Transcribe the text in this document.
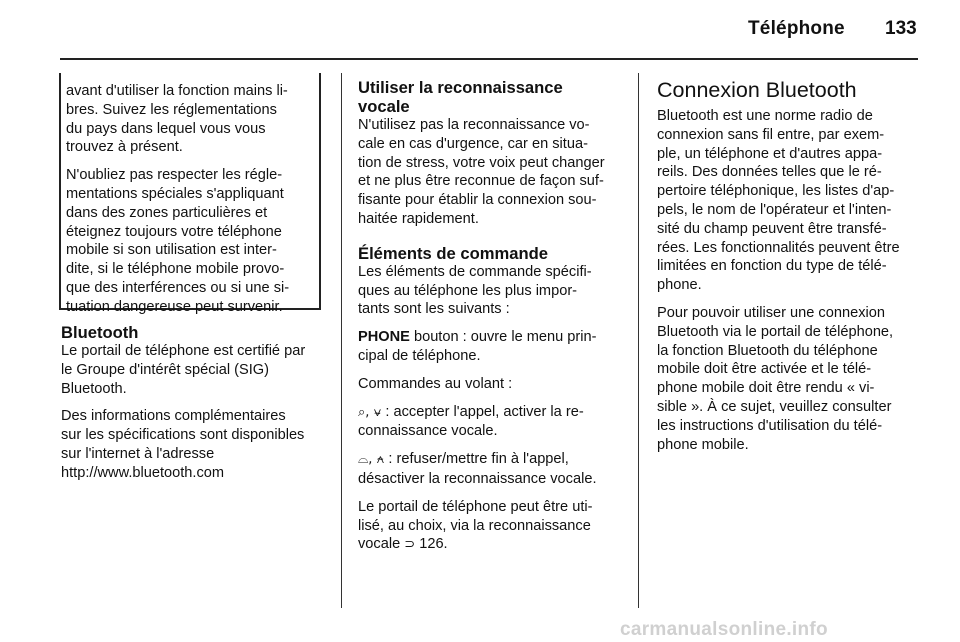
Téléphone 133

avant d'utiliser la fonction mains li-
bres. Suivez les réglementations
du pays dans lequel vous vous
trouvez à présent.

N'oubliez pas respecter les régle-
mentations spéciales s'appliquant
dans des zones particulières et
éteignez toujours votre téléphone
mobile si son utilisation est inter-
dite, si le téléphone mobile provo-
que des interférences ou si une si-
tuation dangereuse peut survenir.

Bluetooth

Le portail de téléphone est certifié par
le Groupe d'intérêt spécial (SIG)
Bluetooth.

Des informations complémentaires
sur les spécifications sont disponibles
sur l'internet à l'adresse
http://www.bluetooth.com

Utiliser la reconnaissance
vocale

N'utilisez pas la reconnaissance vo-
cale en cas d'urgence, car en situa-
tion de stress, votre voix peut changer
et ne plus être reconnue de façon suf-
fisante pour établir la connexion sou-
haitée rapidement.

Éléments de commande

Les éléments de commande spécifi-
ques au téléphone les plus impor-
tants sont les suivants :

PHONE bouton : ouvre le menu prin-
cipal de téléphone.

Commandes au volant :

⌕, ⍱ : accepter l'appel, activer la re-
connaissance vocale.

⌓, ⍲ : refuser/mettre fin à l'appel,
désactiver la reconnaissance vocale.

Le portail de téléphone peut être uti-
lisé, au choix, via la reconnaissance
vocale ⊃ 126.

Connexion Bluetooth

Bluetooth est une norme radio de
connexion sans fil entre, par exem-
ple, un téléphone et d'autres appa-
reils. Des données telles que le ré-
pertoire téléphonique, les listes d'ap-
pels, le nom de l'opérateur et l'inten-
sité du champ peuvent être transfé-
rées. Les fonctionnalités peuvent être
limitées en fonction du type de télé-
phone.

Pour pouvoir utiliser une connexion
Bluetooth via le portail de téléphone,
la fonction Bluetooth du téléphone
mobile doit être activée et le télé-
phone mobile doit être rendu « vi-
sible ». À ce sujet, veuillez consulter
les instructions d'utilisation du télé-
phone mobile.

carmanualsonline.info
